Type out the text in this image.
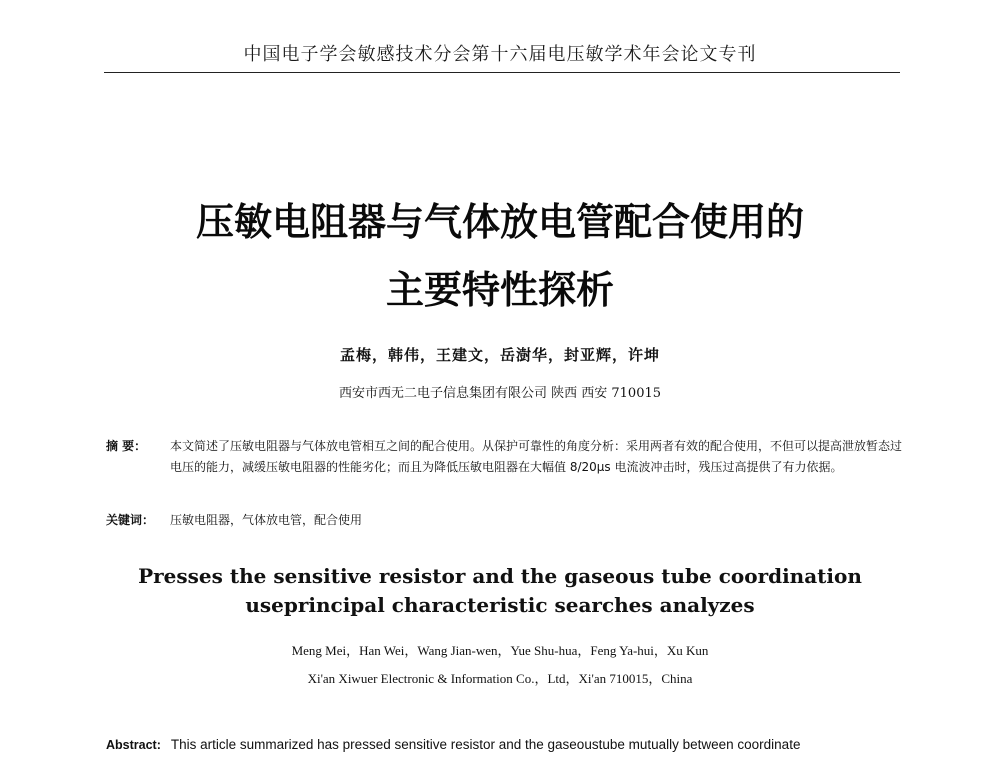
中国电子学会敏感技术分会第十六届电压敏学术年会论文专刊
压敏电阻器与气体放电管配合使用的
主要特性探析
孟梅，韩伟，王建文，岳澍华，封亚辉，许坤
西安市西无二电子信息集团有限公司 陕西 西安 710015
摘 要：	本文简述了压敏电阻器与气体放电管相互之间的配合使用。从保护可靠性的角度分析：采用两者有效的配合使用，不但可以提高泄放暂态过电压的能力，减缓压敏电阻器的性能劣化；而且为降低压敏电阻器在大幅值 8/20μs 电流波冲击时，残压过高提供了有力依据。
关键词： 压敏电阻器，气体放电管，配合使用
Presses the sensitive resistor and the gaseous tube coordination
useprincipal characteristic searches analyzes
Meng Mei，Han Wei，Wang Jian-wen，Yue Shu-hua，Feng Ya-hui，Xu Kun
Xi'an Xiwuer Electronic & Information Co.，Ltd，Xi'an 710015，China
Abstract: This article summarized has pressed sensitive resistor and the gaseoustube mutually between coordinate
